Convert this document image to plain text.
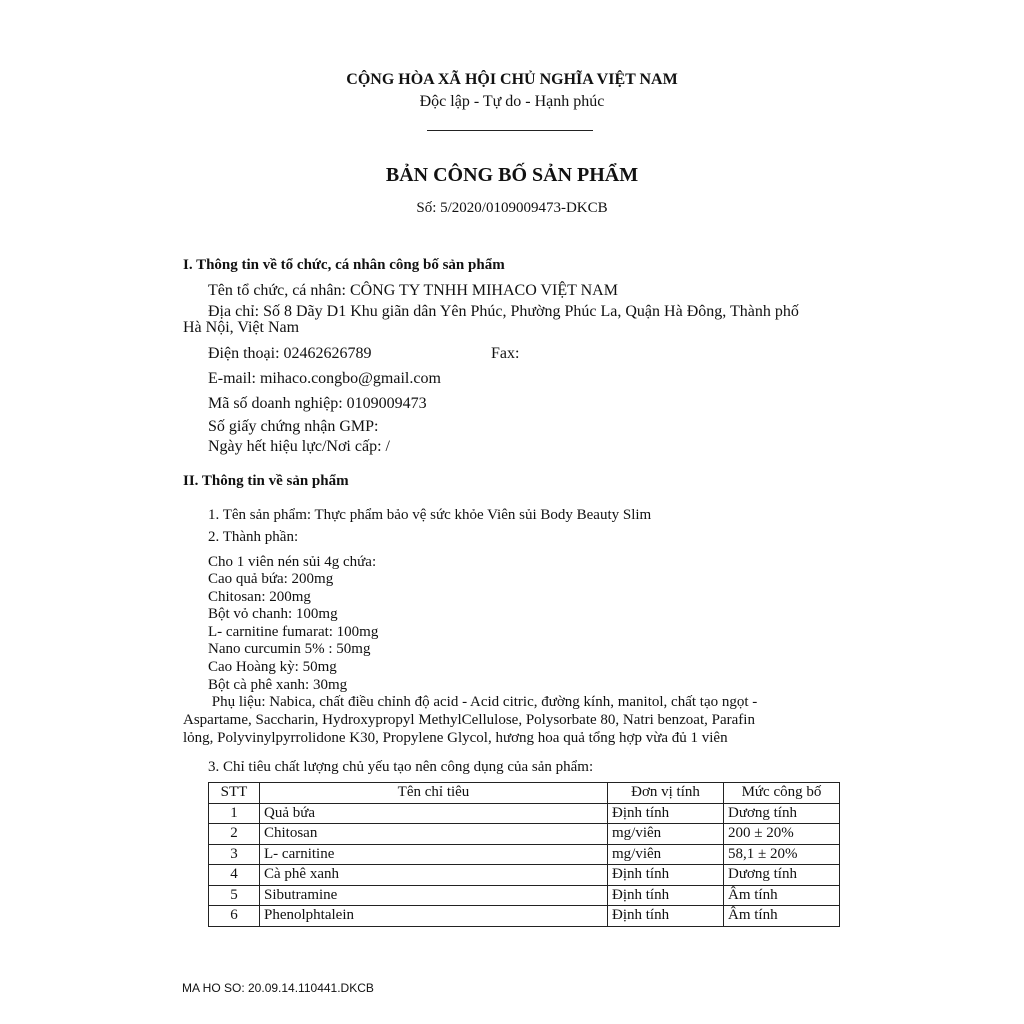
CỘNG HÒA XÃ HỘI CHỦ NGHĨA VIỆT NAM
Độc lập - Tự do - Hạnh phúc
BẢN CÔNG BỐ SẢN PHẨM
Số: 5/2020/0109009473-DKCB
I. Thông tin về tổ chức, cá nhân công bố sản phẩm
Tên tổ chức, cá nhân: CÔNG TY TNHH MIHACO VIỆT NAM
Địa chỉ: Số 8 Dãy D1 Khu giãn dân Yên Phúc, Phường Phúc La, Quận Hà Đông, Thành phố
Hà Nội, Việt Nam
Điện thoại: 02462626789	Fax:
E-mail: mihaco.congbo@gmail.com
Mã số doanh nghiệp: 0109009473
Số giấy chứng nhận GMP:
Ngày hết hiệu lực/Nơi cấp: /
II. Thông tin về sản phẩm
1. Tên sản phẩm: Thực phẩm bảo vệ sức khỏe Viên sủi Body Beauty Slim
2. Thành phần:
Cho 1 viên nén sủi 4g chứa:
Cao quả bứa: 200mg
Chitosan: 200mg
Bột vỏ chanh: 100mg
L- carnitine fumarat: 100mg
Nano curcumin 5% : 50mg
Cao Hoàng kỳ: 50mg
Bột cà phê xanh: 30mg
Phụ liệu: Nabica, chất điều chỉnh độ acid - Acid citric, đường kính, manitol, chất tạo ngọt -
Aspartame, Saccharin, Hydroxypropyl MethylCellulose, Polysorbate 80, Natri benzoat, Parafin
lỏng, Polyvinylpyrrolidone K30, Propylene Glycol, hương hoa quả tổng hợp vừa đủ 1 viên
3. Chỉ tiêu chất lượng chủ yếu tạo nên công dụng của sản phẩm:
STT	Tên chỉ tiêu	Đơn vị tính	Mức công bố
1	Quả bứa	Định tính	Dương tính
2	Chitosan	mg/viên	200 ± 20%
3	L- carnitine	mg/viên	58,1 ± 20%
4	Cà phê xanh	Định tính	Dương tính
5	Sibutramine	Định tính	Âm tính
6	Phenolphtalein	Định tính	Âm tính
MA HO SO: 20.09.14.110441.DKCB
